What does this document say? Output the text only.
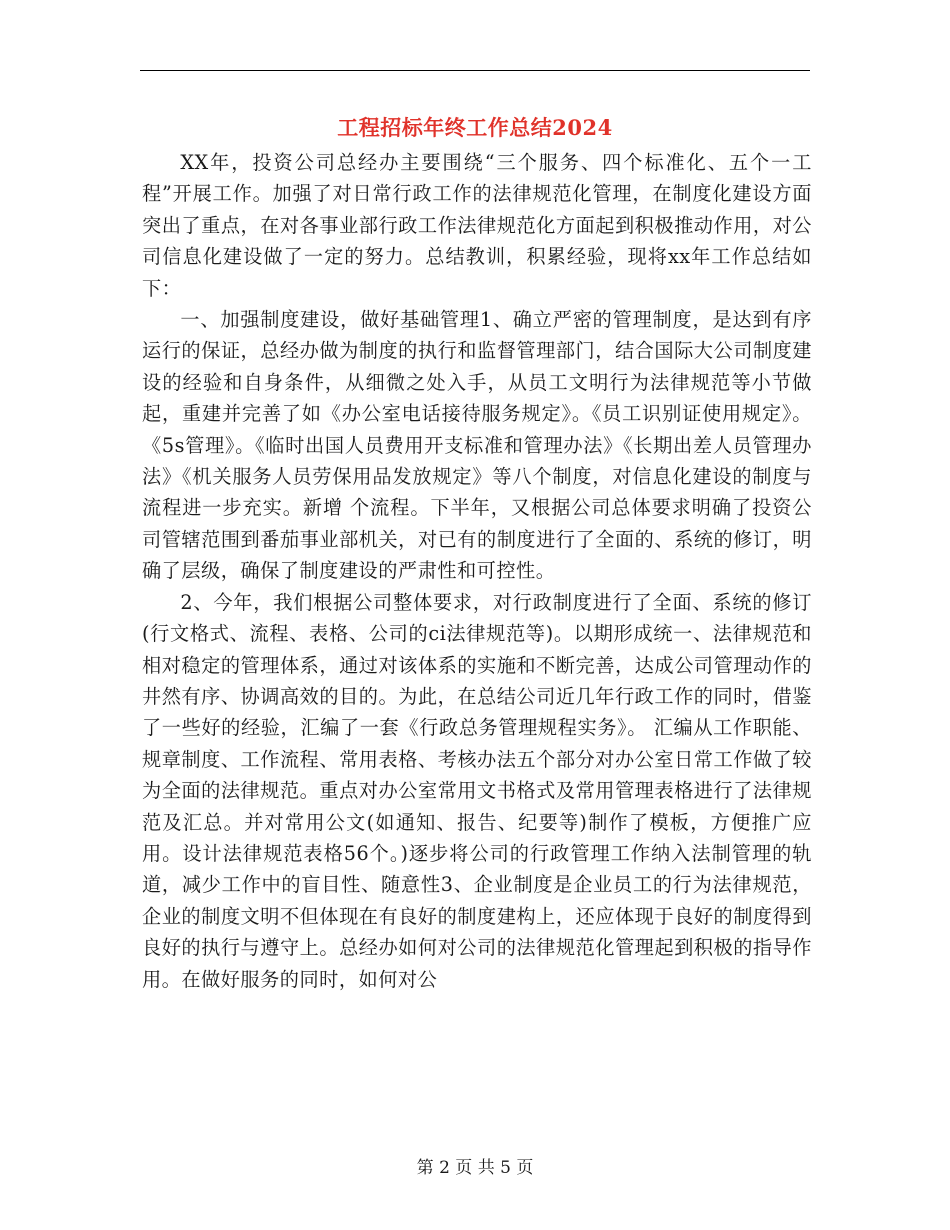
工程招标年终工作总结2024

XX年，投资公司总经办主要围绕“三个服务、四个标准化、五个一工程”开展工作。加强了对日常行政工作的法律规范化管理，在制度化建设方面突出了重点，在对各事业部行政工作法律规范化方面起到积极推动作用，对公司信息化建设做了一定的努力。总结教训，积累经验，现将xx年工作总结如下：

一、加强制度建设，做好基础管理1、确立严密的管理制度，是达到有序运行的保证，总经办做为制度的执行和监督管理部门，结合国际大公司制度建设的经验和自身条件，从细微之处入手，从员工文明行为法律规范等小节做起，重建并完善了如《办公室电话接待服务规定》。《员工识别证使用规定》。《5s管理》。《临时出国人员费用开支标准和管理办法》《长期出差人员管理办法》《机关服务人员劳保用品发放规定》等八个制度，对信息化建设的制度与流程进一步充实。新增 个流程。下半年，又根据公司总体要求明确了投资公司管辖范围到番茄事业部机关，对已有的制度进行了全面的、系统的修订，明确了层级，确保了制度建设的严肃性和可控性。

2、今年，我们根据公司整体要求，对行政制度进行了全面、系统的修订(行文格式、流程、表格、公司的ci法律规范等)。以期形成统一、法律规范和相对稳定的管理体系，通过对该体系的实施和不断完善，达成公司管理动作的井然有序、协调高效的目的。为此，在总结公司近几年行政工作的同时，借鉴了一些好的经验，汇编了一套《行政总务管理规程实务》。 汇编从工作职能、规章制度、工作流程、常用表格、考核办法五个部分对办公室日常工作做了较为全面的法律规范。重点对办公室常用文书格式及常用管理表格进行了法律规范及汇总。并对常用公文(如通知、报告、纪要等)制作了模板，方便推广应用。设计法律规范表格56个。)逐步将公司的行政管理工作纳入法制管理的轨道，减少工作中的盲目性、随意性3、企业制度是企业员工的行为法律规范，企业的制度文明不但体现在有良好的制度建构上，还应体现于良好的制度得到良好的执行与遵守上。总经办如何对公司的法律规范化管理起到积极的指导作用。在做好服务的同时，如何对公

第 2 页 共 5 页
